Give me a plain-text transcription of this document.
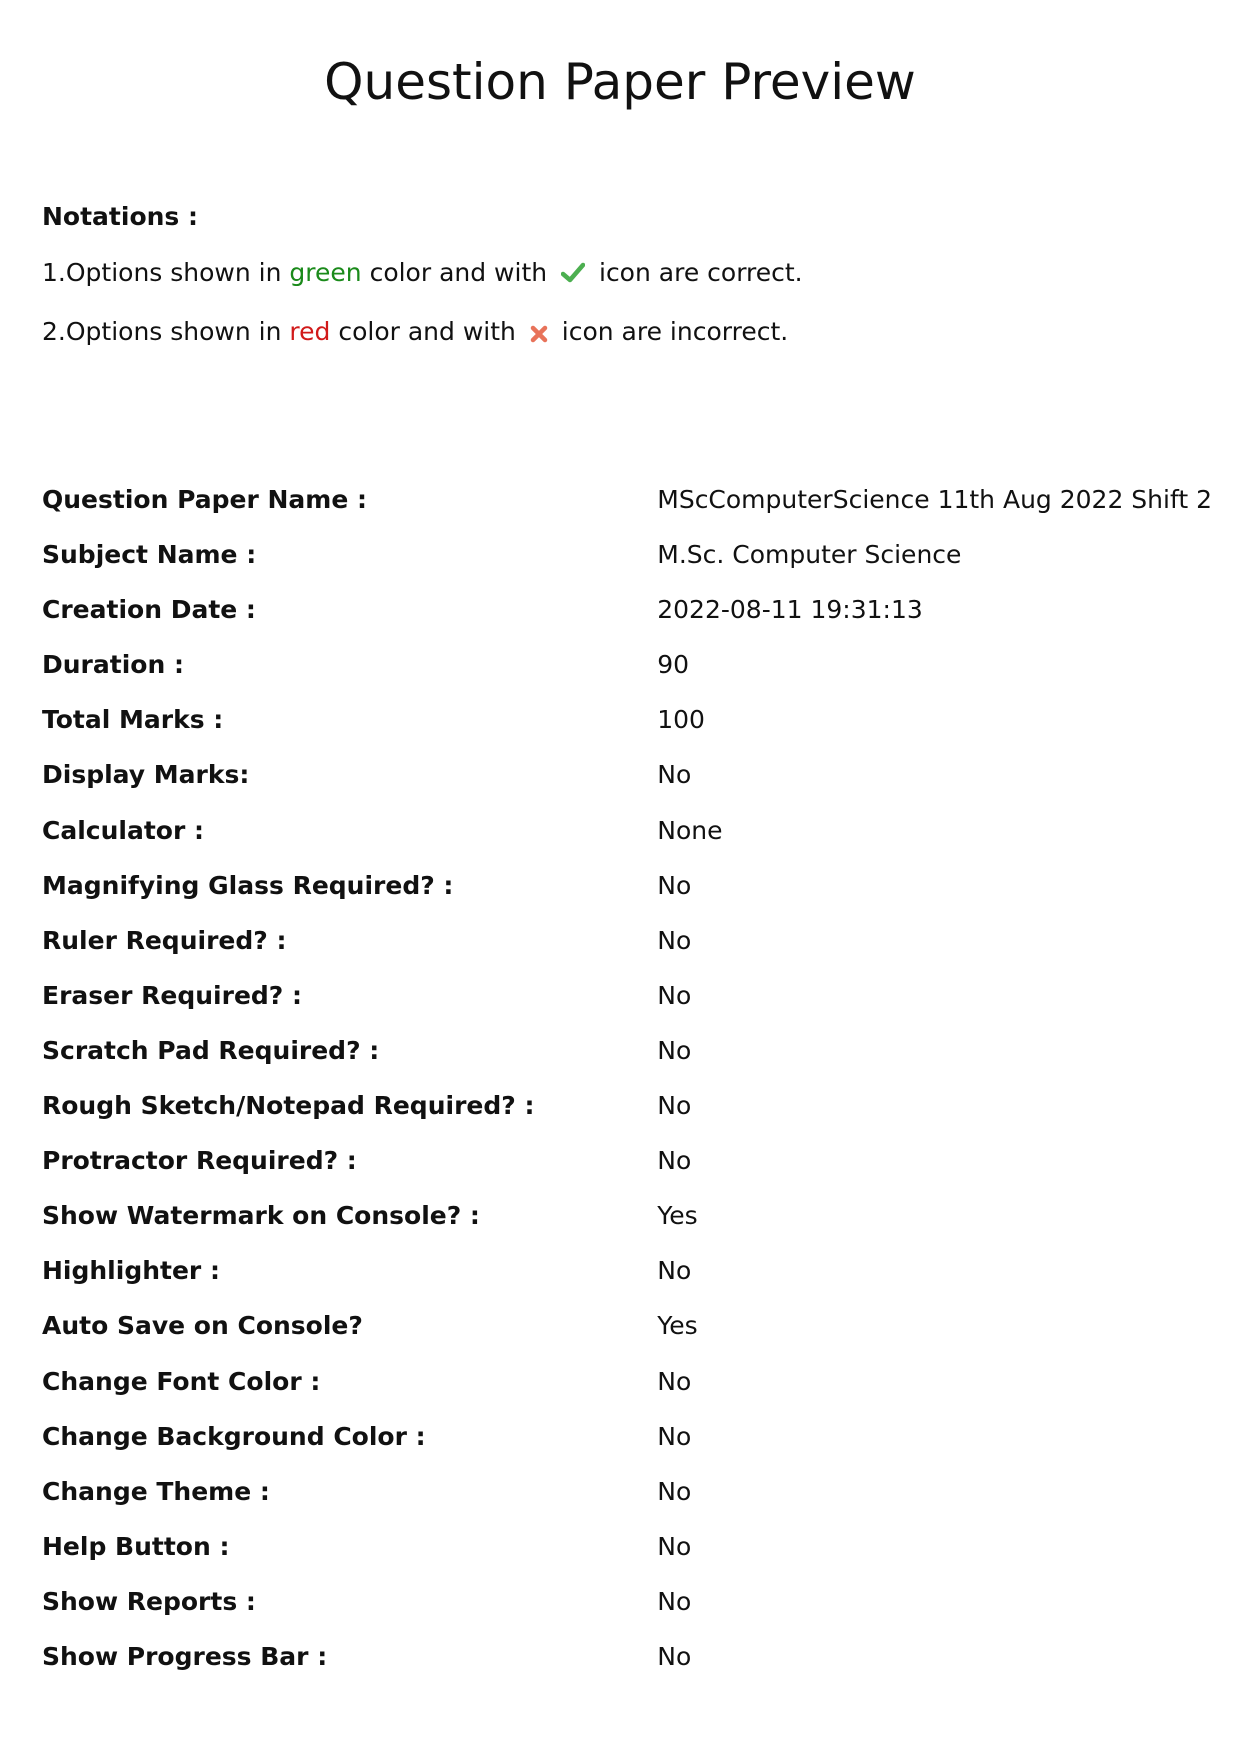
Question Paper Preview
Notations :
1.Options shown in green color and with  icon are correct.
2.Options shown in red color and with  icon are incorrect.
Question Paper Name :	MScComputerScience 11th Aug 2022 Shift 2
Subject Name :	M.Sc. Computer Science
Creation Date :	2022-08-11 19:31:13
Duration :	90
Total Marks :	100
Display Marks:	No
Calculator :	None
Magnifying Glass Required? :	No
Ruler Required? :	No
Eraser Required? :	No
Scratch Pad Required? :	No
Rough Sketch/Notepad Required? :	No
Protractor Required? :	No
Show Watermark on Console? :	Yes
Highlighter :	No
Auto Save on Console?	Yes
Change Font Color :	No
Change Background Color :	No
Change Theme :	No
Help Button :	No
Show Reports :	No
Show Progress Bar :	No
